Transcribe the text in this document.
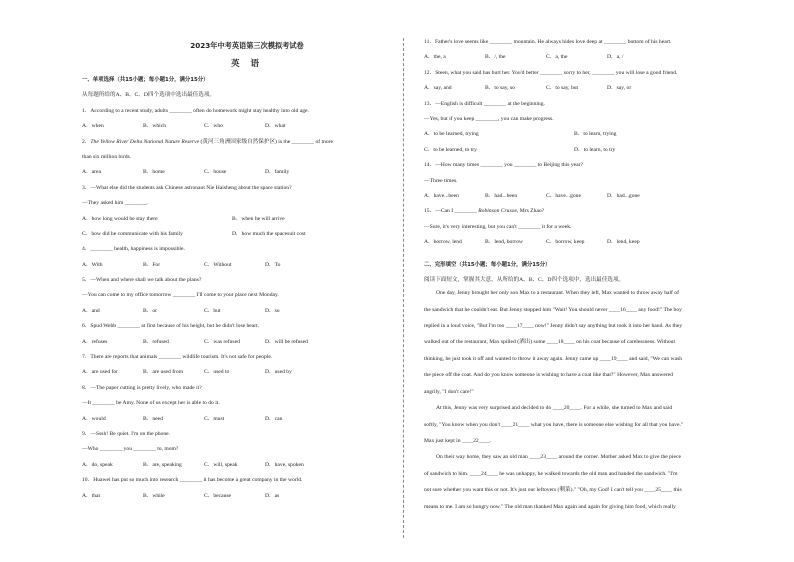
2023年中考英语第三次模拟考试卷
英 语
一、单项选择（共15小题；每小题1分，满分15分）
从每题所给的A、B、C、D四个选项中选出最佳选项。
1．According to a recent study, adults ________ often do homework might stay healthy into old age.
A．when	B．which	C．who	D．what
2．The Yellow River Delta National Nature Reserve (黄河三角洲国家级自然保护区) is the ________ of more
than six million birds.
A．area	B．home	C．house	D．family
3．—What else did the students ask Chinese astronaut Nie Haisheng about the space station?
—They asked him ________.
A．how long would he stay there	B．when he will arrive
C．how did he communicate with his family	D．how much the spacesuit cost
4．________ health, happiness is impossible.
A．With	B．For	C．Without	D．To
5．—When and where shall we talk about the plans?
—You can come to my office tomorrow ________ I'll come to your place next Monday.
A．and	B．or	C．but	D．so
6．Spud Webb ________ at first because of his height, but he didn't lose heart.
A．refuses	B．refused	C．was refused	D．will be refused
7．There are reports that animals ________ wildlife tourism. It's not safe for people.
A．are used for	B．are used from	C．used to	D．used by
8．—The paper cutting is pretty lively, who made it?
—It ________ be Amy. None of us except her is able to do it.
A．would	B．need	C．must	D．can
9．—Sssh! Be quiet. I'm on the phone.
—Who ________ you ________ to, mom?
A．do, speak	B．are, speaking	C．will, speak	D．have, spoken
10．Huawei has put so much into research ________ it has become a great company in the world.
A．that	B．while	C．because	D．as
11．Father's love seems like ________ mountain. He always hides love deep at ________ bottom of his heart.
A．the, a	B．/, the	C．a, the	D．a, /
12．Steen, what you said has hurt her. You'd better ________ sorry to her, ________ you will lose a good friend.
A．say, and	B．to say, so	C．to say, but	D．say, or
13．—English is difficult ________ at the beginning.
—Yes, but if you keep ________, you can make progress.
A．to be learned, trying	B．to learn, trying
C．to be learned, to try	D．to learn, to try
14．—How many times ________ you ________ to Beijing this year?
—Three times.
A．have...been	B．had...been	C．have...gone	D．had...gone
15．—Can I ________ Robinson Crusoe, Mrs Zhao?
—Sure, it's very interesting, but you can't ________ it for a week.
A．borrow, lend	B．lend, borrow	C．borrow, keep	D．lend, keep
二、完形填空（共15小题；每小题1分，满分15分）
阅读下面短文，掌握其大意，从所给的A、B、C、D四个选项中，选出最佳选项。
One day, Jenny brought her only son Max to a restaurant. When they left, Max wanted to throw away half of
the sandwich that he couldn't eat. But Jenny stopped him "Wait! You should never ____16____ any food!" The boy
replied in a loud voice, "But I'm too ____17____ now!" Jenny didn't say anything but took it into her hand. As they
walked out of the restaurant, Max spilled (洒出) some ____18____ on his coat because of carelessness. Without
thinking, he just took it off and wanted to throw it away again. Jenny came up ____19____ and said, "We can wash
the piece off the coat. And do you know someone is wishing to have a coat like that?" However, Max answered
angrily, "I don't care!"
At this, Jenny was very surprised and decided to do ____20____. For a while, she turned to Max and said
softly, "You know when you don't ____21____ what you have, there is someone else wishing for all that you have."
Max just kept in ____22____.
On their way home, they saw an old man ____23____ around the corner. Mother asked Max to give the piece
of sandwich to him. ____24____ he was unhappy, he walked towards the old man and handed the sandwich. "I'm
not sure whether you want this or not. It's just our leftovers (剩菜)." "Oh, my God! I can't tell you ____25____ this
means to me. I am so hungry now." The old man thanked Max again and again for giving him food, which really
